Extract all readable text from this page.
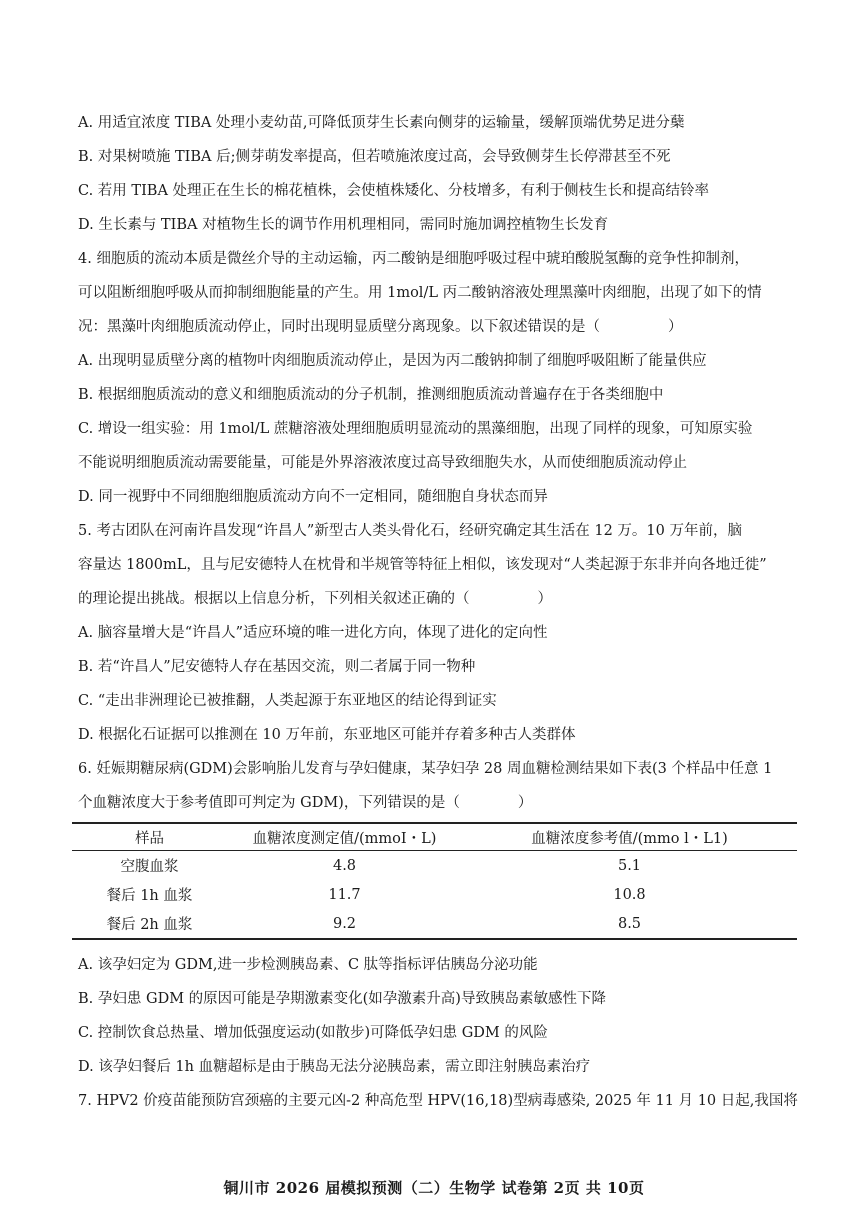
A. 用适宜浓度 TIBA 处理小麦幼苗,可降低顶芽生长素向侧芽的运输量，缓解顶端优势足进分蘖
B. 对果树喷施 TIBA 后;侧芽萌发率提高，但若喷施浓度过高，会导致侧芽生长停滞甚至不死
C. 若用 TIBA 处理正在生长的棉花植株，会使植株矮化、分枝增多，有利于侧枝生长和提高结铃率
D. 生长素与 TIBA 对植物生长的调节作用机理相同，需同时施加调控植物生长发育
4. 细胞质的流动本质是微丝介导的主动运输，丙二酸钠是细胞呼吸过程中琥珀酸脱氢酶的竞争性抑制剂，
可以阻断细胞呼吸从而抑制细胞能量的产生。用 1mol/L 丙二酸钠溶液处理黑藻叶肉细胞，出现了如下的情
况：黑藻叶肉细胞质流动停止，同时出现明显质壁分离现象。以下叙述错误的是（	）
A. 出现明显质壁分离的植物叶肉细胞质流动停止，是因为丙二酸钠抑制了细胞呼吸阻断了能量供应
B. 根据细胞质流动的意义和细胞质流动的分子机制，推测细胞质流动普遍存在于各类细胞中
C. 增设一组实验：用 1mol/L 蔗糖溶液处理细胞质明显流动的黑藻细胞，出现了同样的现象，可知原实验
不能说明细胞质流动需要能量，可能是外界溶液浓度过高导致细胞失水，从而使细胞质流动停止
D. 同一视野中不同细胞细胞质流动方向不一定相同，随细胞自身状态而异
5. 考古团队在河南许昌发现“许昌人”新型古人类头骨化石，经研究确定其生活在 12 万。10 万年前，脑
容量达 1800mL，且与尼安德特人在枕骨和半规管等特征上相似，该发现对“人类起源于东非并向各地迁徙”
的理论提出挑战。根据以上信息分析，下列相关叙述正确的（	）
A. 脑容量增大是“许昌人”适应环境的唯一进化方向，体现了进化的定向性
B. 若“许昌人”尼安德特人存在基因交流，则二者属于同一物种
C. “走出非洲理论已被推翻，人类起源于东亚地区的结论得到证实
D. 根据化石证据可以推测在 10 万年前，东亚地区可能并存着多种古人类群体
6. 妊娠期糖尿病(GDM)会影响胎儿发育与孕妇健康，某孕妇孕 28 周血糖检测结果如下表(3 个样品中任意 1
个血糖浓度大于参考值即可判定为 GDM)，下列错误的是（	）
样品	血糖浓度测定值/(mmoI・L)	血糖浓度参考值/(mmo l・L1)
空腹血浆	4.8	5.1
餐后 1h 血浆	11.7	10.8
餐后 2h 血浆	9.2	8.5
A. 该孕妇定为 GDM,进一步检测胰岛素、C 肽等指标评估胰岛分泌功能
B. 孕妇患 GDM 的原因可能是孕期激素变化(如孕激素升高)导致胰岛素敏感性下降
C. 控制饮食总热量、增加低强度运动(如散步)可降低孕妇患 GDM 的风险
D. 该孕妇餐后 1h 血糖超标是由于胰岛无法分泌胰岛素，需立即注射胰岛素治疗
7. HPV2 价疫苗能预防宫颈癌的主要元凶-2 种高危型 HPV(16,18)型病毒感染, 2025 年 11 月 10 日起,我国将
铜川市 2026 届模拟预测（二）生物学 试卷第 2页 共 10页
